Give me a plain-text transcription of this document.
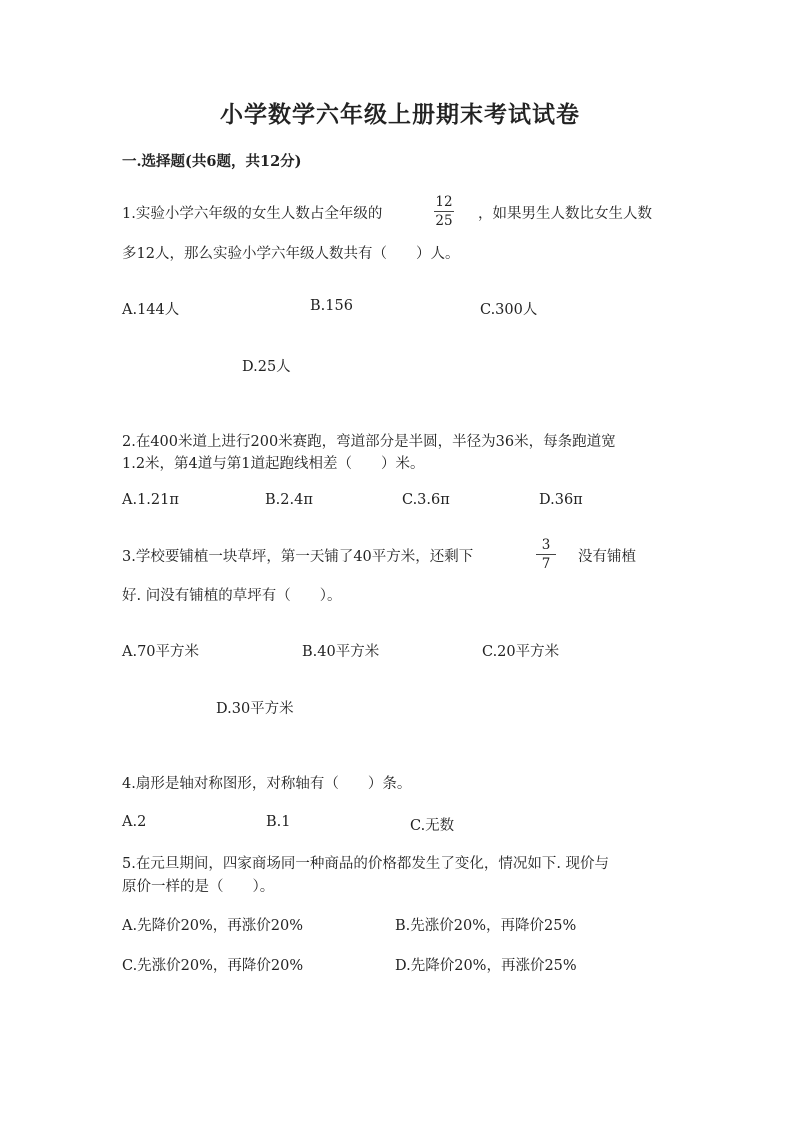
小学数学六年级上册期末考试试卷
一.选择题(共6题，共12分)
1.实验小学六年级的女生人数占全年级的
12
25 ，如果男生人数比女生人数
多12人，那么实验小学六年级人数共有（　　）人。
A.144人	B.156	C.300人
D.25人
2.在400米道上进行200米赛跑，弯道部分是半圆，半径为36米，每条跑道宽
1.2米，第4道与第1道起跑线相差（　　）米。
A.1.21π	B.2.4π	C.3.6π	D.36π
3.学校要铺植一块草坪，第一天铺了40平方米，还剩下
3
7	没有铺植
好. 问没有铺植的草坪有（　　）。
A.70平方米	B.40平方米	C.20平方米
D.30平方米
4.扇形是轴对称图形，对称轴有（　　）条。
A.2	B.1	C.无数
5.在元旦期间，四家商场同一种商品的价格都发生了变化，情况如下. 现价与
原价一样的是（　　）。
A.先降价20%，再涨价20%	B.先涨价20%，再降价25%
C.先涨价20%，再降价20%	D.先降价20%，再涨价25%
